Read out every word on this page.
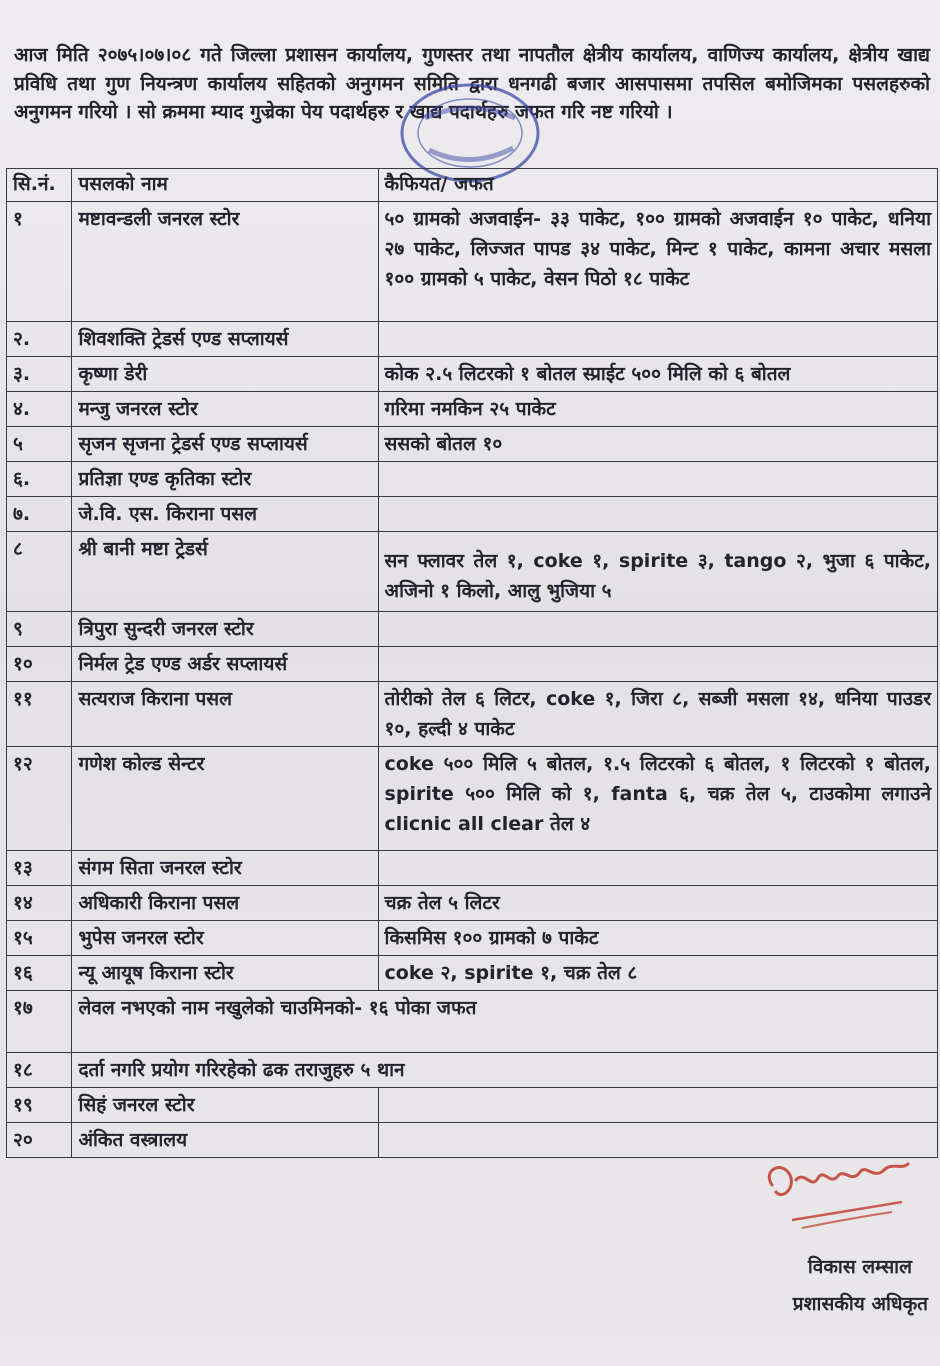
आज मिति २०७५।०७।०८ गते जिल्ला प्रशासन कार्यालय, गुणस्तर तथा नापतौल क्षेत्रीय कार्यालय, वाणिज्य कार्यालय, क्षेत्रीय खाद्य प्रविधि तथा गुण नियन्त्रण कार्यालय सहितको अनुगमन समिति द्वारा धनगढी बजार आसपासमा तपसिल बमोजिमका पसलहरुको अनुगमन गरियो । सो क्रममा म्याद गुज्रेका पेय पदार्थहरु र खाद्य पदार्थहरु जफत गरि नष्ट गरियो ।

सि.नं.	पसलको नाम	कैफियत/ जफत
१	मष्टावन्डली जनरल स्टोर	५० ग्रामको अजवाईन- ३३ पाकेट, १०० ग्रामको अजवाईन १० पाकेट, धनिया २७ पाकेट, लिज्जत पापड ३४ पाकेट, मिन्ट १ पाकेट, कामना अचार मसला १०० ग्रामको ५ पाकेट, वेसन पिठो १८ पाकेट
२.	शिवशक्ति ट्रेडर्स एण्ड सप्लायर्स	
३.	कृष्णा डेरी	कोक २.५ लिटरको १ बोतल स्प्राईट ५०० मिलि को ६ बोतल
४.	मन्जु जनरल स्टोर	गरिमा नमकिन २५ पाकेट
५	सृजन सृजना ट्रेडर्स एण्ड सप्लायर्स	ससको बोतल १०
६.	प्रतिज्ञा एण्ड कृतिका स्टोर	
७.	जे.वि. एस. किराना पसल	
८	श्री बानी मष्टा ट्रेडर्स	सन फ्लावर तेल १, coke १, spirite ३, tango २, भुजा ६ पाकेट, अजिनो १ किलो, आलु भुजिया ५
९	त्रिपुरा सुन्दरी जनरल स्टोर	
१०	निर्मल ट्रेड एण्ड अर्डर सप्लायर्स	
११	सत्यराज किराना पसल	तोरीको तेल ६ लिटर, coke १, जिरा ८, सब्जी मसला १४, धनिया पाउडर १०, हल्दी ४ पाकेट
१२	गणेश कोल्ड सेन्टर	coke ५०० मिलि ५ बोतल, १.५ लिटरको ६ बोतल, १ लिटरको १ बोतल, spirite ५०० मिलि को १, fanta ६, चक्र तेल ५, टाउकोमा लगाउने clicnic all clear तेल ४
१३	संगम सिता जनरल स्टोर	
१४	अधिकारी किराना पसल	चक्र तेल ५ लिटर
१५	भुपेस जनरल स्टोर	किसमिस १०० ग्रामको ७ पाकेट
१६	न्यू आयूष किराना स्टोर	coke २, spirite १, चक्र तेल ८
१७	लेवल नभएको नाम नखुलेको चाउमिनको- १६ पोका जफत	
१८	दर्ता नगरि प्रयोग गरिरहेको ढक तराजुहरु ५ थान	
१९	सिहं जनरल स्टोर	
२०	अंकित वस्त्रालय	
विकास लम्साल
प्रशासकीय अधिकृत
